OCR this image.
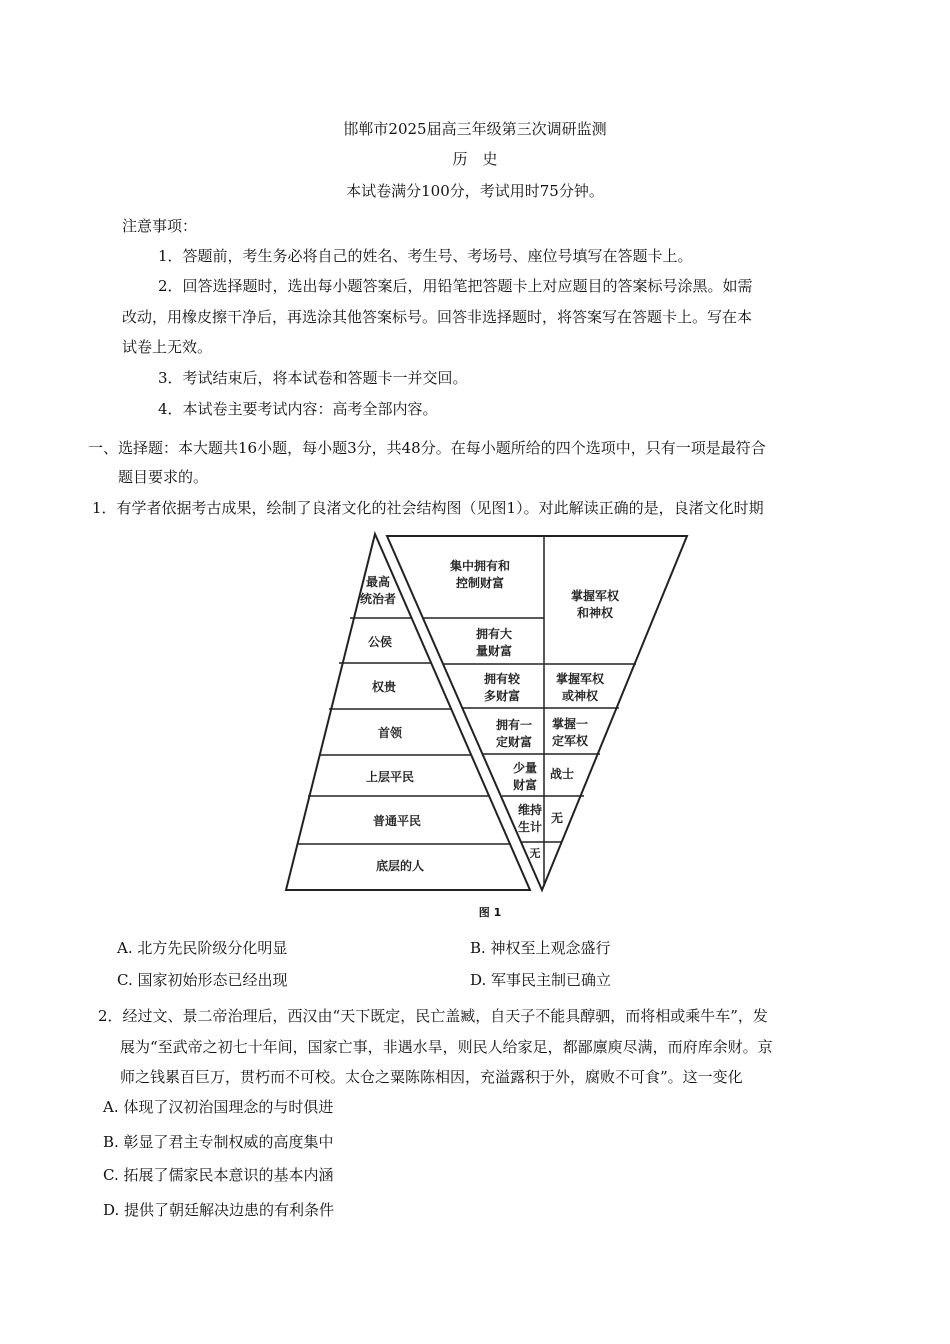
邯郸市2025届高三年级第三次调研监测
历　史
本试卷满分100分，考试用时75分钟。
注意事项：
1．答题前，考生务必将自己的姓名、考生号、考场号、座位号填写在答题卡上。
2．回答选择题时，选出每小题答案后，用铅笔把答题卡上对应题目的答案标号涂黑。如需
改动，用橡皮擦干净后，再选涂其他答案标号。回答非选择题时，将答案写在答题卡上。写在本
试卷上无效。
3．考试结束后，将本试卷和答题卡一并交回。
4．本试卷主要考试内容：高考全部内容。
一、选择题：本大题共16小题，每小题3分，共48分。在每小题所给的四个选项中，只有一项是最符合
题目要求的。
1．有学者依据考古成果，绘制了良渚文化的社会结构图（见图1）。对此解读正确的是，良渚文化时期
最高
统治者
公侯
权贵
首领
上层平民
普通平民
底层的人
集中拥有和
控制财富
拥有大
量财富
拥有较
多财富
拥有一
定财富
少量
财富
维持
生计
无
掌握军权
和神权
掌握军权
或神权
掌握一
定军权
战士
无
图 1
A. 北方先民阶级分化明显	B. 神权至上观念盛行
C. 国家初始形态已经出现	D. 军事民主制已确立
2．经过文、景二帝治理后，西汉由“天下既定，民亡盖臧，自天子不能具醇驷，而将相或乘牛车”，发
展为“至武帝之初七十年间，国家亡事，非遇水旱，则民人给家足，都鄙廪庾尽满，而府库余财。京
师之钱累百巨万，贯朽而不可校。太仓之粟陈陈相因，充溢露积于外，腐败不可食”。这一变化
A. 体现了汉初治国理念的与时俱进
B. 彰显了君主专制权威的高度集中
C. 拓展了儒家民本意识的基本内涵
D. 提供了朝廷解决边患的有利条件
